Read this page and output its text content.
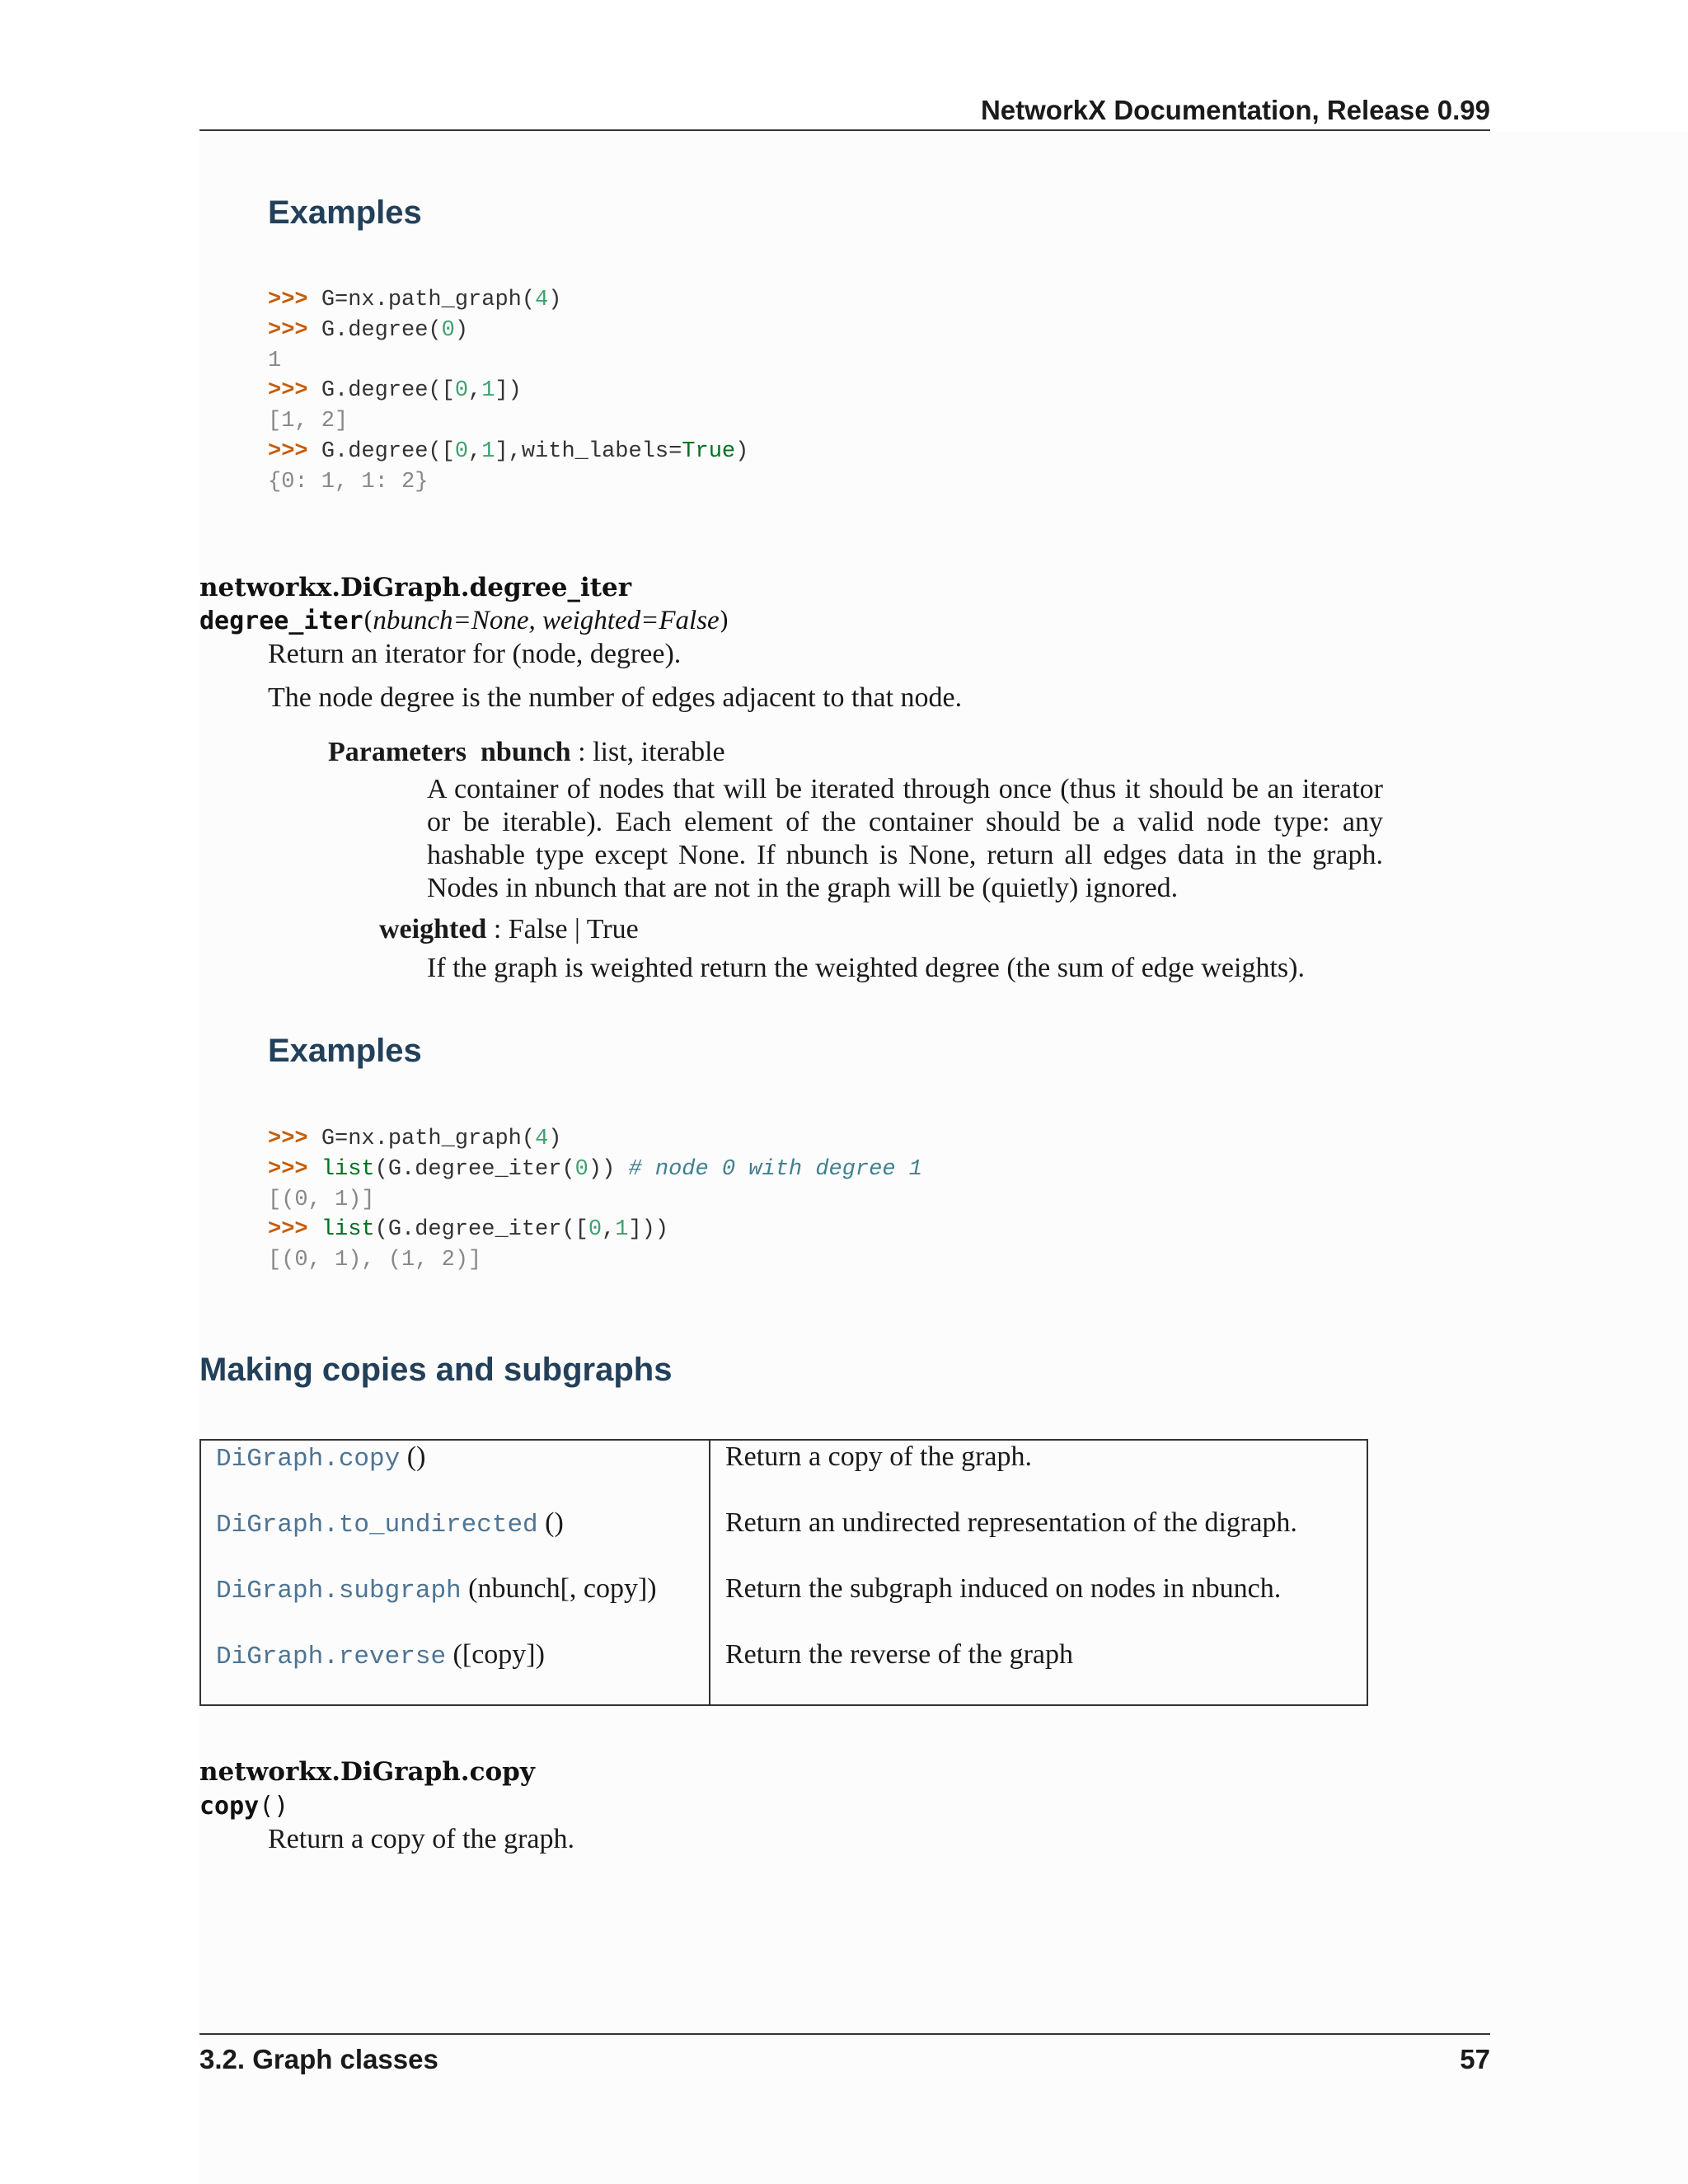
NetworkX Documentation, Release 0.99
Examples
>>> G=nx.path_graph(4)
>>> G.degree(0)
1
>>> G.degree([0,1])
[1, 2]
>>> G.degree([0,1],with_labels=True)
{0: 1, 1: 2}
networkx.DiGraph.degree_iter
degree_iter(nbunch=None, weighted=False)

Return an iterator for (node, degree).

The node degree is the number of edges adjacent to that node.

Parameters nbunch : list, iterable

A container of nodes that will be iterated through once (thus it should be an iterator or be iterable). Each element of the container should be a valid node type: any hashable type except None. If nbunch is None, return all edges data in the graph. Nodes in nbunch that are not in the graph will be (quietly) ignored.

weighted : False | True

If the graph is weighted return the weighted degree (the sum of edge weights).

Examples
>>> G=nx.path_graph(4)
>>> list(G.degree_iter(0)) # node 0 with degree 1
[(0, 1)]
>>> list(G.degree_iter([0,1]))
[(0, 1), (1, 2)]
Making copies and subgraphs
DiGraph.copy ()	Return a copy of the graph.
DiGraph.to_undirected ()	Return an undirected representation of the digraph.
DiGraph.subgraph (nbunch[, copy])	Return the subgraph induced on nodes in nbunch.
DiGraph.reverse ([copy])	Return the reverse of the graph
networkx.DiGraph.copy
copy()

Return a copy of the graph.

3.2. Graph classes	57
